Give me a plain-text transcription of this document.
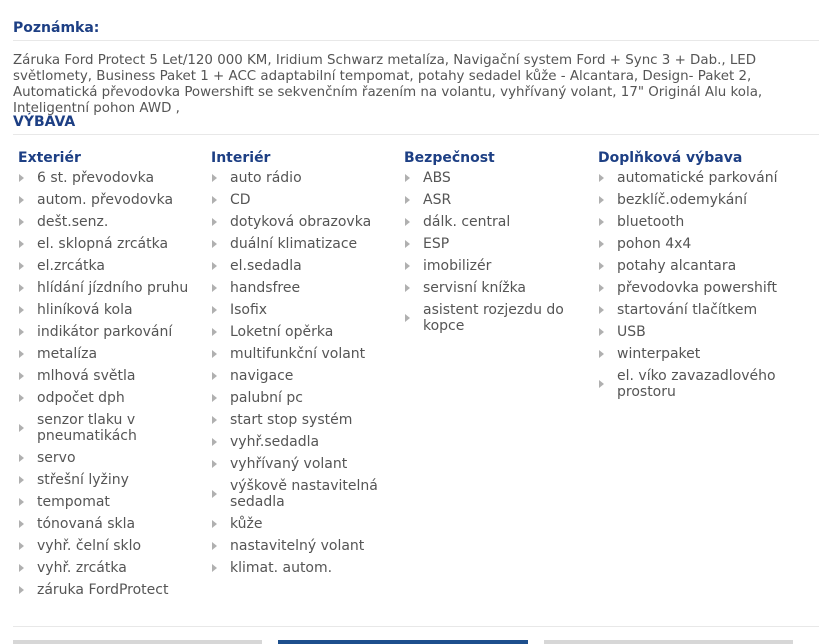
Poznámka:
Záruka Ford Protect 5 Let/120 000 KM, Iridium Schwarz metalíza, Navigační system Ford + Sync 3 + Dab., LED světlomety, Business Paket 1 + ACC adaptabilní tempomat, potahy sedadel kůže - Alcantara, Design- Paket 2, Automatická převodovka Powershift se sekvenčním řazením na volantu, vyhřívaný volant, 17" Originál Alu kola, Inteligentní pohon AWD ,
VÝBAVA
Exteriér
6 st. převodovka
autom. převodovka
dešt.senz.
el. sklopná zrcátka
el.zrcátka
hlídání jízdního pruhu
hliníková kola
indikátor parkování
metalíza
mlhová světla
odpočet dph
senzor tlaku v pneumatikách
servo
střešní lyžiny
tempomat
tónovaná skla
vyhř. čelní sklo
vyhř. zrcátka
záruka FordProtect
Interiér
auto rádio
CD
dotyková obrazovka
duální klimatizace
el.sedadla
handsfree
Isofix
Loketní opěrka
multifunkční volant
navigace
palubní pc
start stop systém
vyhř.sedadla
vyhřívaný volant
výškově nastavitelná sedadla
kůže
nastavitelný volant
klimat. autom.
Bezpečnost
ABS
ASR
dálk. central
ESP
imobilizér
servisní knížka
asistent rozjezdu do kopce
Doplňková výbava
automatické parkování
bezklíč.odemykání
bluetooth
pohon 4x4
potahy alcantara
převodovka powershift
startování tlačítkem
USB
winterpaket
el. víko zavazadlového prostoru
